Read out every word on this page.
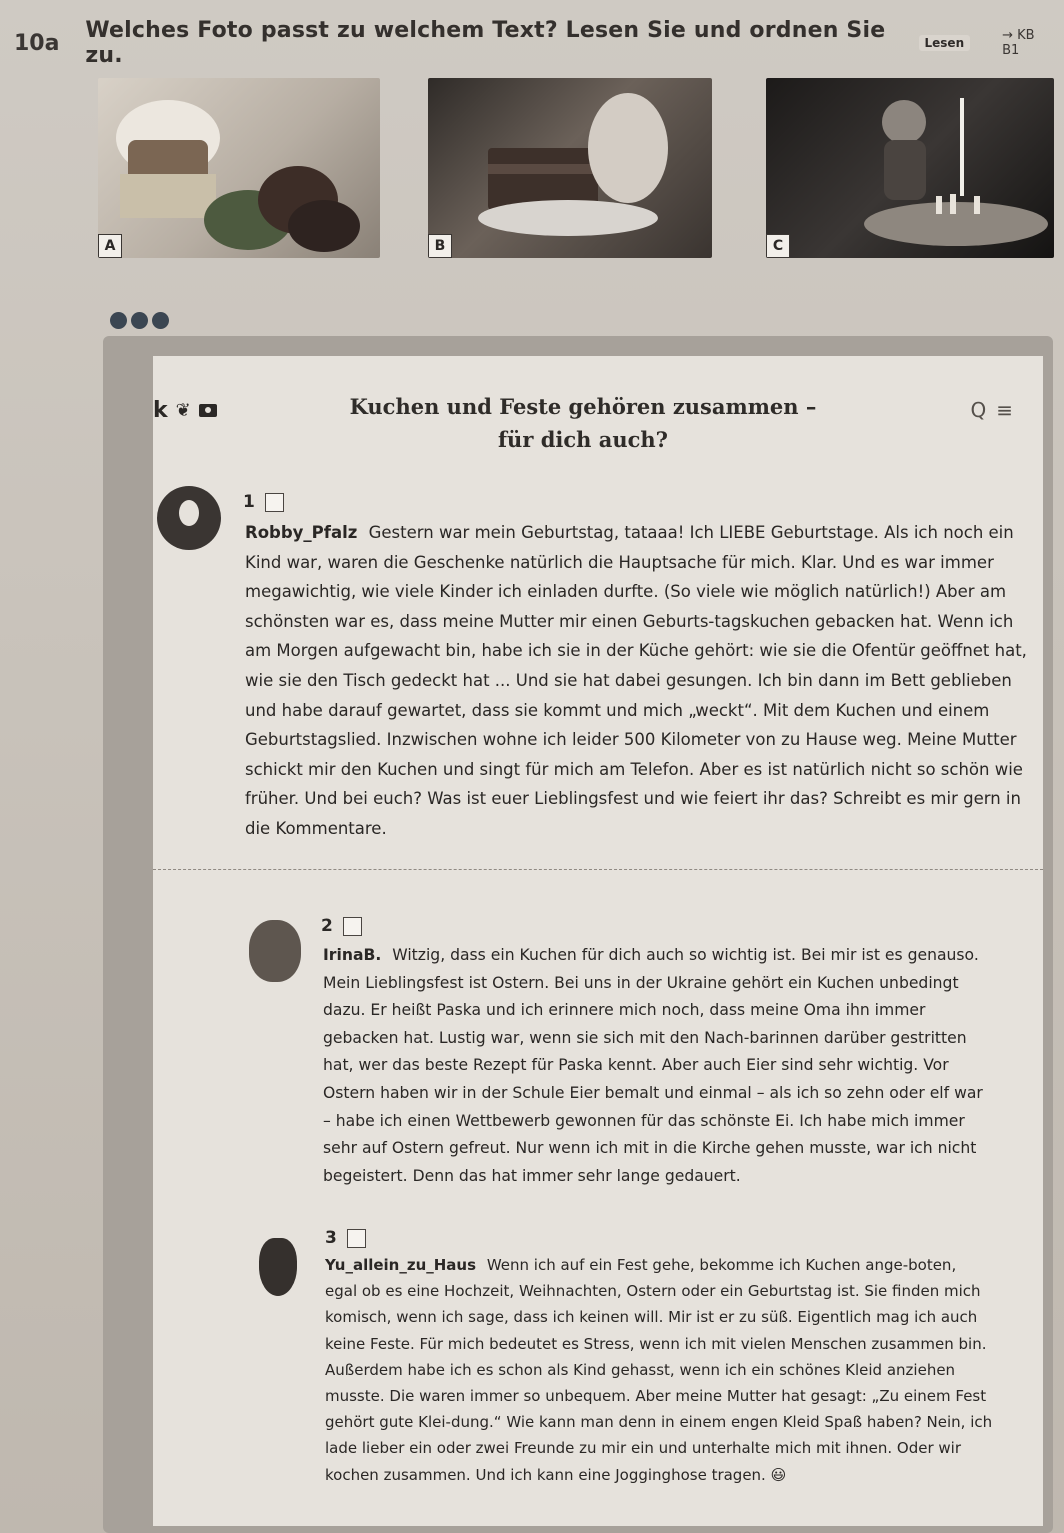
10a	Welches Foto passt zu welchem Text? Lesen Sie und ordnen Sie zu.	Lesen	→ KB B1
A	B	C
k ❦	Kuchen und Feste gehören zusammen – für dich auch?
Q ≡
1
Robby_Pfalz Gestern war mein Geburtstag, tataaa! Ich LIEBE Geburtstage. Als ich noch ein Kind war, waren die Geschenke natürlich die Hauptsache für mich. Klar. Und es war immer megawichtig, wie viele Kinder ich einladen durfte. (So viele wie möglich natürlich!) Aber am schönsten war es, dass meine Mutter mir einen Geburts-tagskuchen gebacken hat. Wenn ich am Morgen aufgewacht bin, habe ich sie in der Küche gehört: wie sie die Ofentür geöffnet hat, wie sie den Tisch gedeckt hat ... Und sie hat dabei gesungen. Ich bin dann im Bett geblieben und habe darauf gewartet, dass sie kommt und mich „weckt“. Mit dem Kuchen und einem Geburtstagslied. Inzwischen wohne ich leider 500 Kilometer von zu Hause weg. Meine Mutter schickt mir den Kuchen und singt für mich am Telefon. Aber es ist natürlich nicht so schön wie früher. Und bei euch? Was ist euer Lieblingsfest und wie feiert ihr das? Schreibt es mir gern in die Kommentare.
2
IrinaB. Witzig, dass ein Kuchen für dich auch so wichtig ist. Bei mir ist es genauso. Mein Lieblingsfest ist Ostern. Bei uns in der Ukraine gehört ein Kuchen unbedingt dazu. Er heißt Paska und ich erinnere mich noch, dass meine Oma ihn immer gebacken hat. Lustig war, wenn sie sich mit den Nach-barinnen darüber gestritten hat, wer das beste Rezept für Paska kennt. Aber auch Eier sind sehr wichtig. Vor Ostern haben wir in der Schule Eier bemalt und einmal – als ich so zehn oder elf war – habe ich einen Wettbewerb gewonnen für das schönste Ei. Ich habe mich immer sehr auf Ostern gefreut. Nur wenn ich mit in die Kirche gehen musste, war ich nicht begeistert. Denn das hat immer sehr lange gedauert.
3
Yu_allein_zu_Haus Wenn ich auf ein Fest gehe, bekomme ich Kuchen ange-boten, egal ob es eine Hochzeit, Weihnachten, Ostern oder ein Geburtstag ist. Sie finden mich komisch, wenn ich sage, dass ich keinen will. Mir ist er zu süß. Eigentlich mag ich auch keine Feste. Für mich bedeutet es Stress, wenn ich mit vielen Menschen zusammen bin. Außerdem habe ich es schon als Kind gehasst, wenn ich ein schönes Kleid anziehen musste. Die waren immer so unbequem. Aber meine Mutter hat gesagt: „Zu einem Fest gehört gute Klei-dung.“ Wie kann man denn in einem engen Kleid Spaß haben? Nein, ich lade lieber ein oder zwei Freunde zu mir ein und unterhalte mich mit ihnen. Oder wir kochen zusammen. Und ich kann eine Jogginghose tragen. 😃
